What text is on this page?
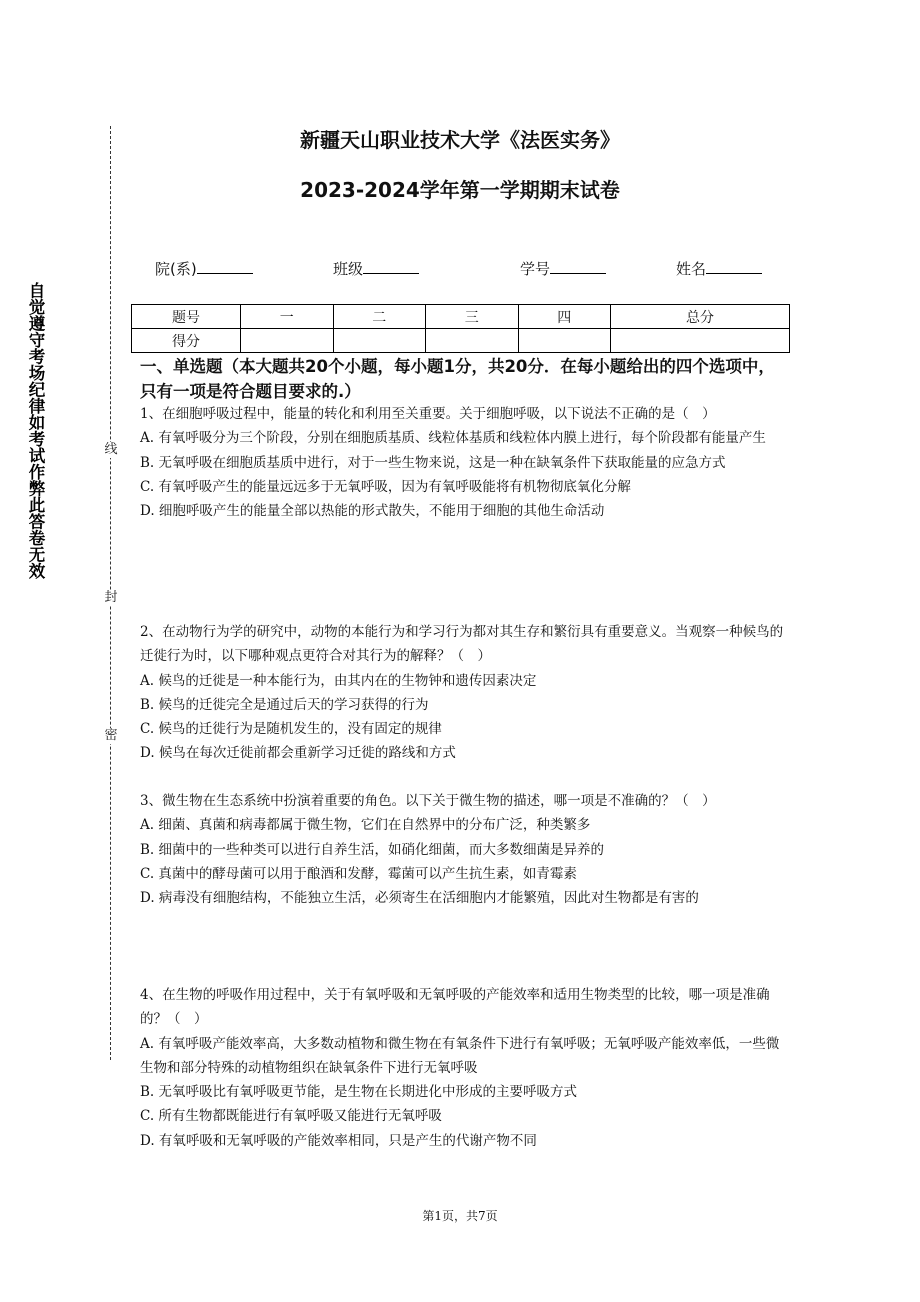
自觉遵守考场纪律如考试作弊此答卷无效	线
封
密
新疆天山职业技术大学《法医实务》
2023-2024学年第一学期期末试卷
院(系)	班级	学号	姓名
题号	一	二	三	四	总分
得分					
一、单选题（本大题共20个小题，每小题1分，共20分．在每小题给出的四个选项中，只有一项是符合题目要求的.）

1、在细胞呼吸过程中，能量的转化和利用至关重要。关于细胞呼吸，以下说法不正确的是（　）

A. 有氧呼吸分为三个阶段，分别在细胞质基质、线粒体基质和线粒体内膜上进行，每个阶段都有能量产生

B. 无氧呼吸在细胞质基质中进行，对于一些生物来说，这是一种在缺氧条件下获取能量的应急方式

C. 有氧呼吸产生的能量远远多于无氧呼吸，因为有氧呼吸能将有机物彻底氧化分解

D. 细胞呼吸产生的能量全部以热能的形式散失，不能用于细胞的其他生命活动

2、在动物行为学的研究中，动物的本能行为和学习行为都对其生存和繁衍具有重要意义。当观察一种候鸟的迁徙行为时，以下哪种观点更符合对其行为的解释？（　）

A. 候鸟的迁徙是一种本能行为，由其内在的生物钟和遗传因素决定

B. 候鸟的迁徙完全是通过后天的学习获得的行为

C. 候鸟的迁徙行为是随机发生的，没有固定的规律

D. 候鸟在每次迁徙前都会重新学习迁徙的路线和方式

3、微生物在生态系统中扮演着重要的角色。以下关于微生物的描述，哪一项是不准确的？（　）

A. 细菌、真菌和病毒都属于微生物，它们在自然界中的分布广泛，种类繁多

B. 细菌中的一些种类可以进行自养生活，如硝化细菌，而大多数细菌是异养的

C. 真菌中的酵母菌可以用于酿酒和发酵，霉菌可以产生抗生素，如青霉素

D. 病毒没有细胞结构，不能独立生活，必须寄生在活细胞内才能繁殖，因此对生物都是有害的

4、在生物的呼吸作用过程中，关于有氧呼吸和无氧呼吸的产能效率和适用生物类型的比较，哪一项是准确的？（　）

A. 有氧呼吸产能效率高，大多数动植物和微生物在有氧条件下进行有氧呼吸；无氧呼吸产能效率低，一些微生物和部分特殊的动植物组织在缺氧条件下进行无氧呼吸

B. 无氧呼吸比有氧呼吸更节能，是生物在长期进化中形成的主要呼吸方式

C. 所有生物都既能进行有氧呼吸又能进行无氧呼吸

D. 有氧呼吸和无氧呼吸的产能效率相同，只是产生的代谢产物不同

第1页，共7页
